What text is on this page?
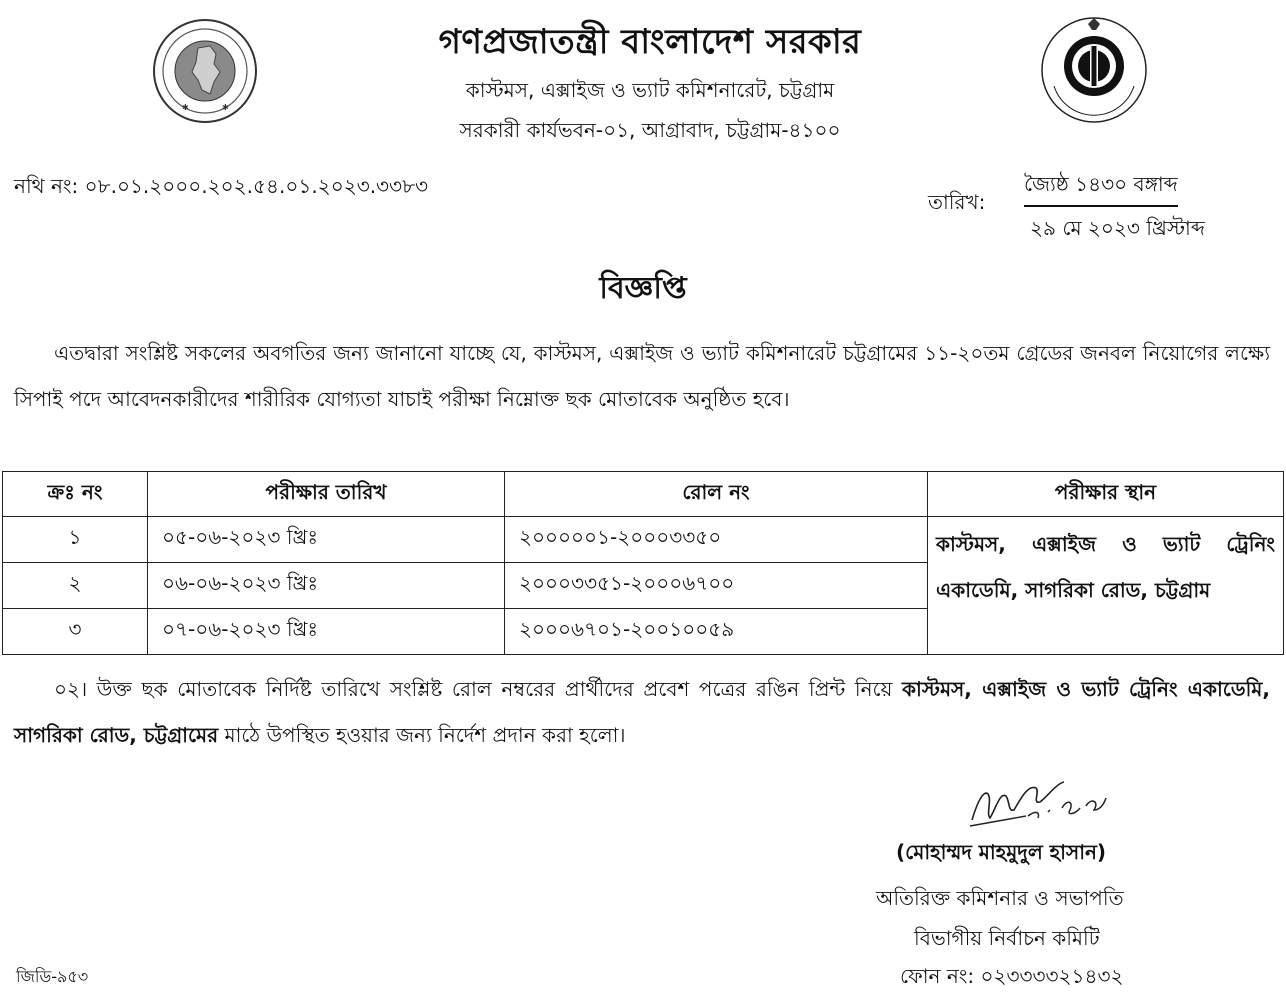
✱	✱
গণপ্রজাতন্ত্রী বাংলাদেশ সরকার
কাস্টমস, এক্সাইজ ও ভ্যাট কমিশনারেট, চট্টগ্রাম
সরকারী কার্যভবন-০১, আগ্রাবাদ, চট্টগ্রাম-৪১০০
নথি নং: ০৮.০১.২০০০.২০২.৫৪.০১.২০২৩.৩৩৮৩
তারিখ:
জ্যৈষ্ঠ ১৪৩০ বঙ্গাব্দ
২৯ মে ২০২৩ খ্রিস্টাব্দ
বিজ্ঞপ্তি
এতদ্বারা সংশ্লিষ্ট সকলের অবগতির জন্য জানানো যাচ্ছে যে, কাস্টমস, এক্সাইজ ও ভ্যাট কমিশনারেট চট্টগ্রামের ১১-২০তম গ্রেডের জনবল নিয়োগের লক্ষ্যে সিপাই পদে আবেদনকারীদের শারীরিক যোগ্যতা যাচাই পরীক্ষা নিম্নোক্ত ছক মোতাবেক অনুষ্ঠিত হবে।
ক্রঃ নং	পরীক্ষার তারিখ	রোল নং	পরীক্ষার স্থান
১	০৫-০৬-২০২৩ খ্রিঃ	২০০০০০১-২০০০৩৩৫০	কাস্টমস, এক্সাইজ ও ভ্যাট ট্রেনিং একাডেমি, সাগরিকা রোড, চট্টগ্রাম
২	০৬-০৬-২০২৩ খ্রিঃ	২০০০৩৩৫১-২০০০৬৭০০	
৩	০৭-০৬-২০২৩ খ্রিঃ	২০০০৬৭০১-২০০১০০৫৯	
০২। উক্ত ছক মোতাবেক নির্দিষ্ট তারিখে সংশ্লিষ্ট রোল নম্বরের প্রার্থীদের প্রবেশ পত্রের রঙিন প্রিন্ট নিয়ে কাস্টমস, এক্সাইজ ও ভ্যাট ট্রেনিং একাডেমি, সাগরিকা রোড, চট্টগ্রামের মাঠে উপস্থিত হওয়ার জন্য নির্দেশ প্রদান করা হলো।
(মোহাম্মদ মাহমুদুল হাসান)
অতিরিক্ত কমিশনার ও সভাপতি
বিভাগীয় নির্বাচন কমিটি
ফোন নং: ০২৩৩৩৩২১৪৩২
জিডি-৯৫৩
